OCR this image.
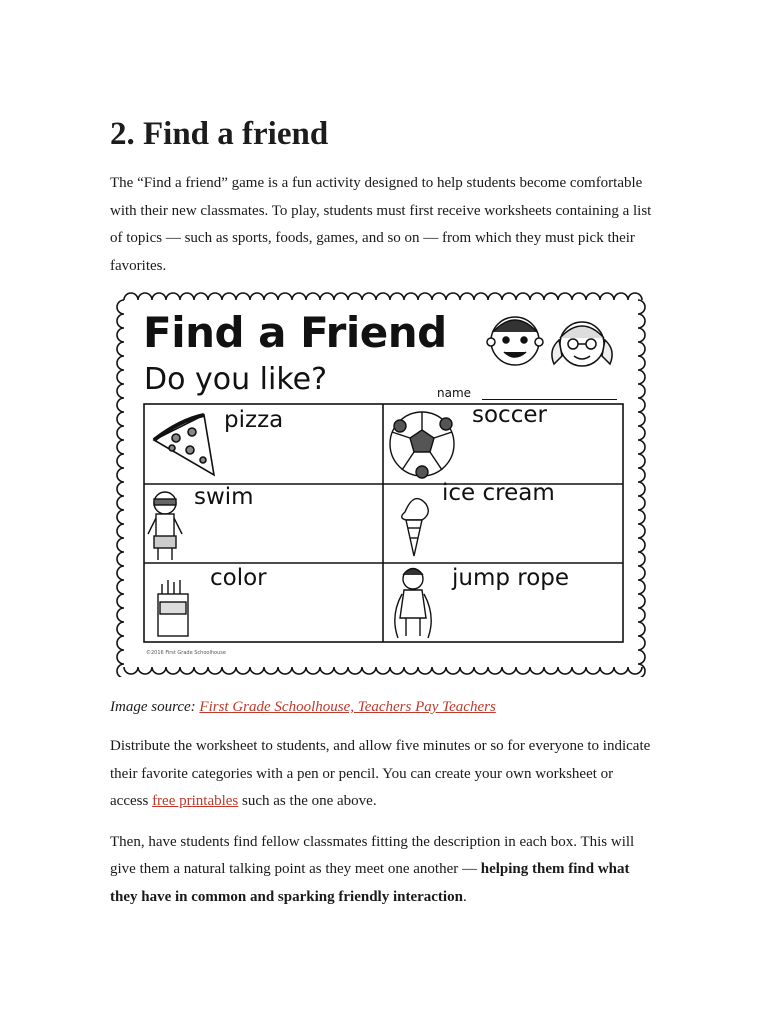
2. Find a friend

The “Find a friend” game is a fun activity designed to help students become comfortable with their new classmates. To play, students must first receive worksheets containing a list of topics — such as sports, foods, games, and so on — from which they must pick their favorites.

Find a Friend
Do you like?	name
pizza	soccer
swim	ice cream
color	jump rope
©2016 First Grade Schoolhouse

Image source: First Grade Schoolhouse, Teachers Pay Teachers

Distribute the worksheet to students, and allow five minutes or so for everyone to indicate their favorite categories with a pen or pencil. You can create your own worksheet or access free printables such as the one above.

Then, have students find fellow classmates fitting the description in each box. This will give them a natural talking point as they meet one another — helping them find what they have in common and sparking friendly interaction.
